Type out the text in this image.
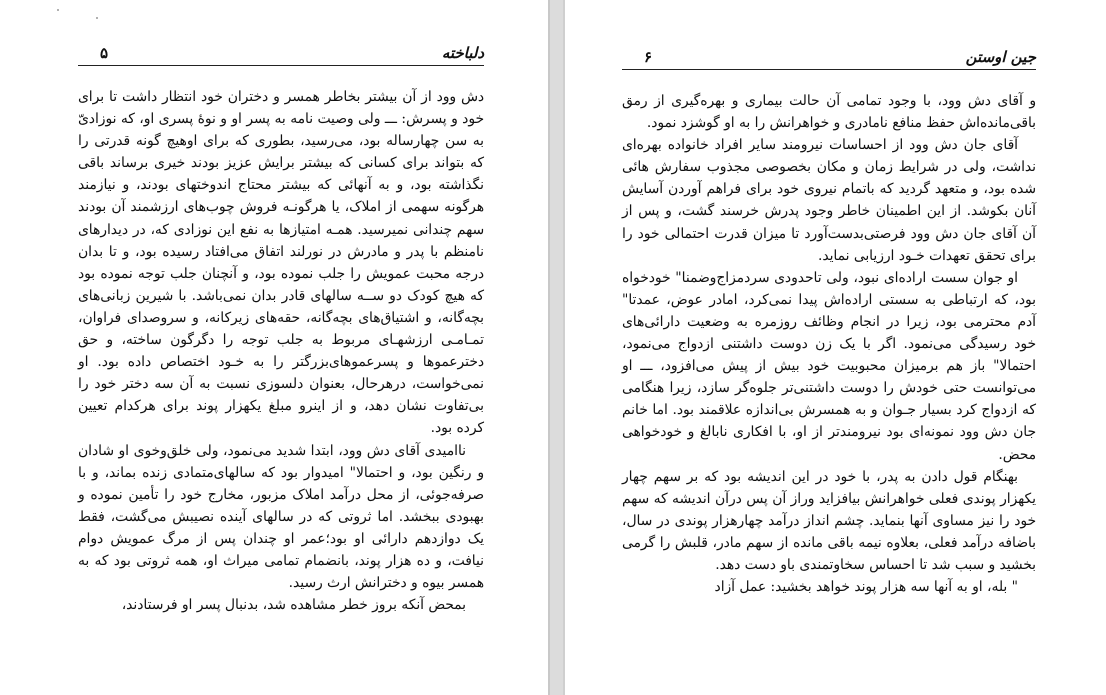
۵	دلباخته

دش وود از آن بیشتر بخاطر همسر و دختران خود انتظار داشت تا برای خود و پسرش: ـــ ولی وصیت نامه به پسر او و نوه‌ٔ پسری او، که نوزادیّ به سن چهارساله بود، می‌رسید، بطوری که برای اوهیچ گونه قدرتی را که بتواند برای کسانی که بیشتر برایش عزیز بودند خیری برساند باقی نگذاشته بود، و به آنهائی که بیشتر محتاج اندوختهای بودند، و نیازمند هرگونه سهمی از املاک، یا هرگونـه فروش چوب‌های ارزشمند آن بودند سهم چندانی نمیرسید. همـه امتیازها به نفع این نوزادی که، در دیدارهای نامنظم با پدر و مادرش در نورلند اتفاق می‌افتاد رسیده بود، و تا بدان درجه محبت عمویش را جلب نموده بود، و آنچنان جلب توجه نموده بود که هیچ کودک دو ســه سالهای قادر بدان نمی‌باشد. با شیرین زبانی‌های بچه‌گانه، و اشتیاق‌های بچه‌گانه، حقه‌های زیرکانه، و سروصدای فراوان، تمـامـی ارزشهـای مربوط به جلب توجه را دگرگون ساخته، و حق دخترعموها و پسرعموهای‌بزرگتر را به خـود اختصاص داده بود. او نمی‌خواست، درهرحال، بعنوان دلسوزی نسبت به آن سه دختر خود را بی‌تفاوت نشان دهد، و از اینرو مبلغ یکهزار پوند برای هرکدام تعیین کرده بود.

ناامیدی آقای دش وود، ابتدا شدید می‌نمود، ولی خلق‌وخوی او شادان و رنگین بود، و احتمالا" امیدوار بود که سالهای‌متمادی زنده بماند، و با صرفه‌جوئی، از محل درآمد املاک مزبور، مخارج خود را تأمین نموده و بهبودی ببخشد. اما ثروتی که در سالهای آینده نصیبش می‌گشت، فقط یک دوازدهم دارائی او بود؛عمر او چندان پس از مرگ عمویش دوام نیافت، و ده هزار پوند، بانضمام تمامی میراث او، همه ثروتی بود که به همسر بیوه و دخترانش ارث رسید.

بمحض آنکه بروز خطر مشاهده شد، بدنبال پسر او فرستادند،

۶	جین اوستن

و آقای دش وود، با وجود تمامی آن حالت بیماری و بهره‌گیری از رمق باقی‌مانده‌اش حفظ منافع نامادری و خواهرانش را به او گوشزد نمود.

آقای جان دش وود از احساسات نیرومند سایر افراد خانواده بهره‌ای نداشت، ولی در شرایط زمان و مکان بخصوصی مجذوب سفارش هائی شده بود، و متعهد گردید که باتمام نیروی خود برای فراهم آوردن آسایش آنان بکوشد. از این اطمینان خاطر وجود پدرش خرسند گشت، و پس از آن آقای جان دش وود فرصتی‌بدست‌آورد تا میزان قدرت احتمالی خود را برای تحقق تعهدات خـود ارزیابی نماید.

او جوان سست اراده‌ای نبود، ولی تاحدودی سردمزاج‌وضمنا" خودخواه بود، که ارتباطی به سستی اراده‌اش پیدا نمی‌کرد، امادر عوض، عمدتا" آدم محترمی بود، زیرا در انجام وظائف روزمره به وضعیت دارائی‌های خود رسیدگی می‌نمود. اگر با یک زن دوست داشتنی ازدواج می‌نمود، احتمالا" باز هم برمیزان محبوبیت خود بیش از پیش می‌افزود، ـــ او می‌توانست حتی خودش را دوست داشتنی‌تر جلوه‌گر سازد، زیرا هنگامی که ازدواج کرد بسیار جـوان و به همسرش بی‌اندازه علاقمند بود. اما خانم جان دش وود نمونه‌ای بود نیرومندتر از او، با افکاری نابالغ و خودخواهی محض.

بهنگام قول دادن به پدر، با خود در این اندیشه بود که بر سهم چهار یکهزار پوندی فعلی خواهرانش بیافزاید وراز آن پس درآن اندیشه که سهم خود را نیز مساوی آنها بنماید. چشم انداز درآمد چهارهزار پوندی در سال، باضافه درآمد فعلی، بعلاوه نیمه باقی مانده از سهم مادر، قلبش را گرمی بخشید و سبب شد تا احساس سخاوتمندی باو دست دهد.

" بله، او به آنها سه هزار پوند خواهد بخشید: عمل آزاد
